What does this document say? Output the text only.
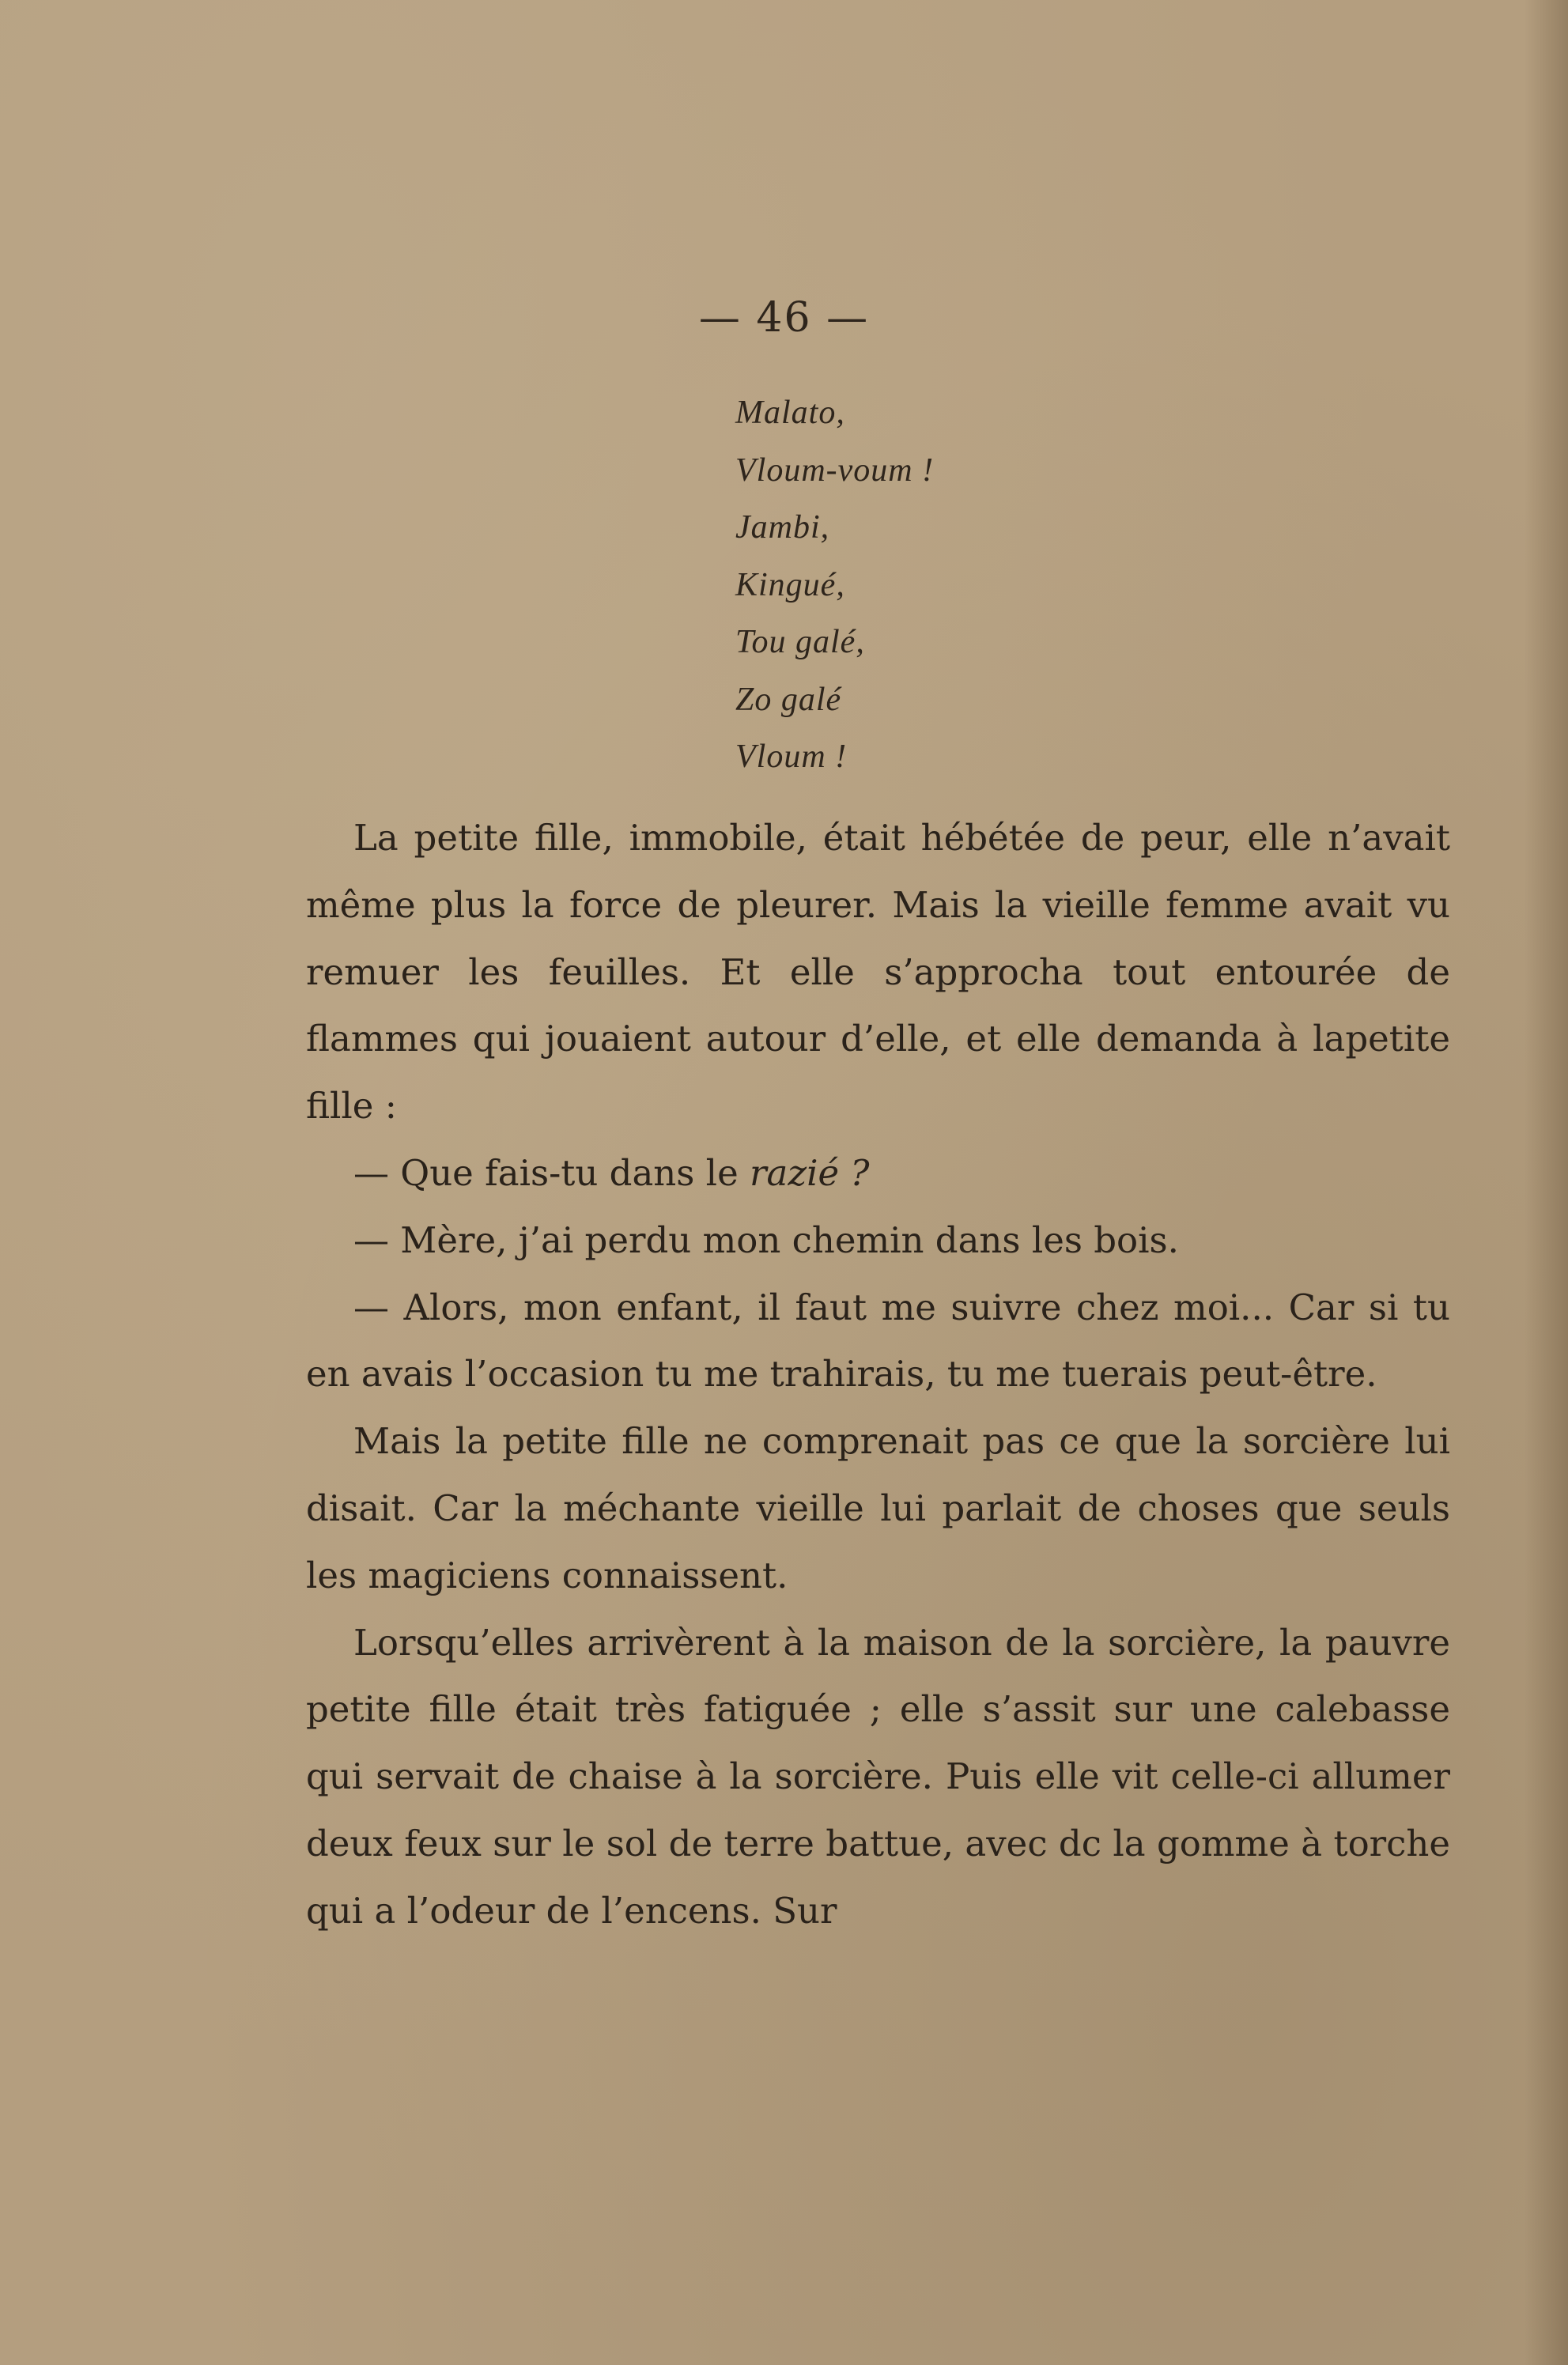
— 46 —
Malato,
Vloum-voum !
Jambi,
Kingué,
Tou galé,
Zo galé
Vloum !

La petite fille, immobile, était hébétée de peur, elle n’avait même plus la force de pleurer. Mais la vieille femme avait vu remuer les feuilles. Et elle s’approcha tout entourée de flammes qui jouaient autour d’elle, et elle demanda à lapetite fille :

— Que fais-tu dans le razié ?

— Mère, j’ai perdu mon chemin dans les bois.

— Alors, mon enfant, il faut me suivre chez moi... Car si tu en avais l’occasion tu me trahirais, tu me tuerais peut-être.

Mais la petite fille ne comprenait pas ce que la sorcière lui disait. Car la méchante vieille lui parlait de choses que seuls les magiciens connaissent.

Lorsqu’elles arrivèrent à la maison de la sorcière, la pauvre petite fille était très fatiguée ; elle s’assit sur une calebasse qui servait de chaise à la sorcière. Puis elle vit celle-ci allumer deux feux sur le sol de terre battue, avec dc la gomme à torche qui a l’odeur de l’encens. Sur
